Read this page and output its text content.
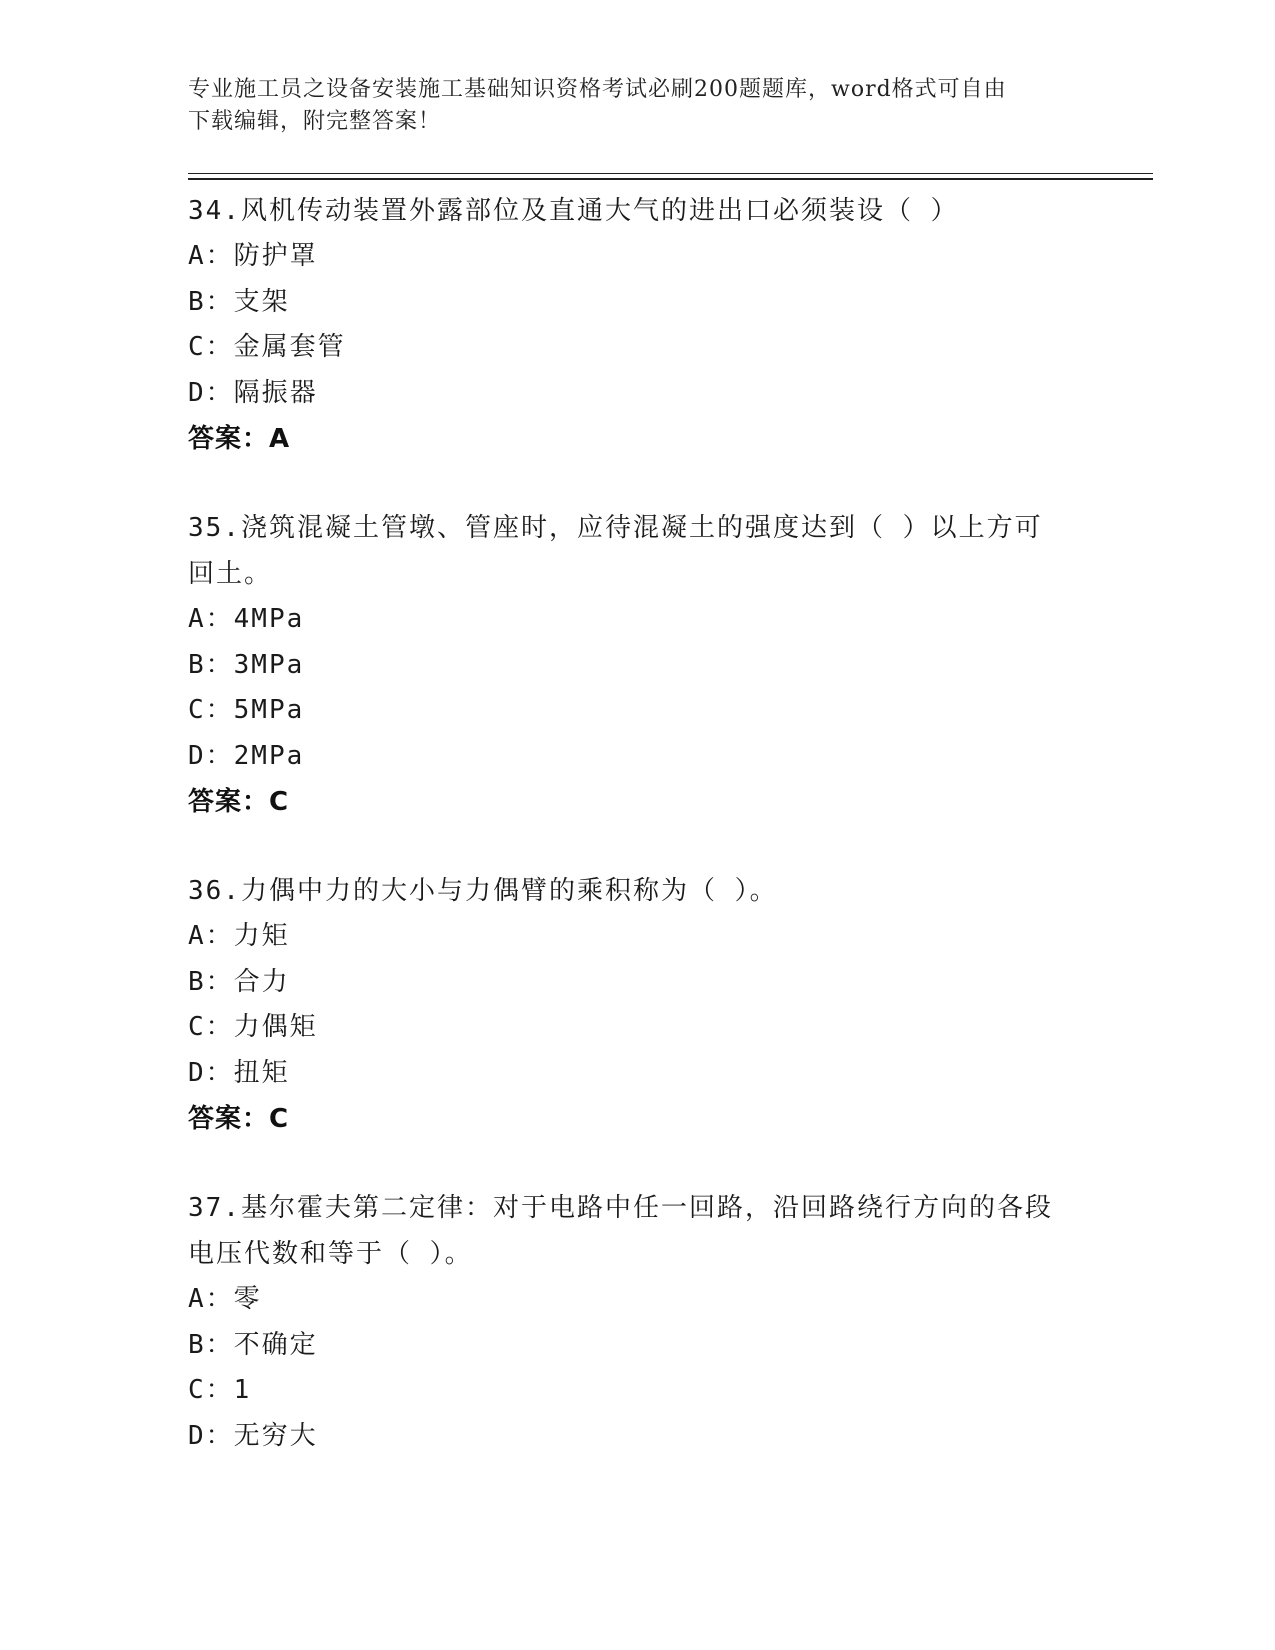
专业施工员之设备安装施工基础知识资格考试必刷200题题库，word格式可自由
下载编辑，附完整答案！
34.风机传动装置外露部位及直通大气的进出口必须装设（ ）
A：防护罩
B：支架
C：金属套管
D：隔振器
答案：A
35.浇筑混凝土管墩、管座时，应待混凝土的强度达到（ ）以上方可
回土。
A：4MPa
B：3MPa
C：5MPa
D：2MPa
答案：C
36.力偶中力的大小与力偶臂的乘积称为（ ）。
A：力矩
B：合力
C：力偶矩
D：扭矩
答案：C
37.基尔霍夫第二定律：对于电路中任一回路，沿回路绕行方向的各段
电压代数和等于（ ）。
A：零
B：不确定
C：1
D：无穷大
